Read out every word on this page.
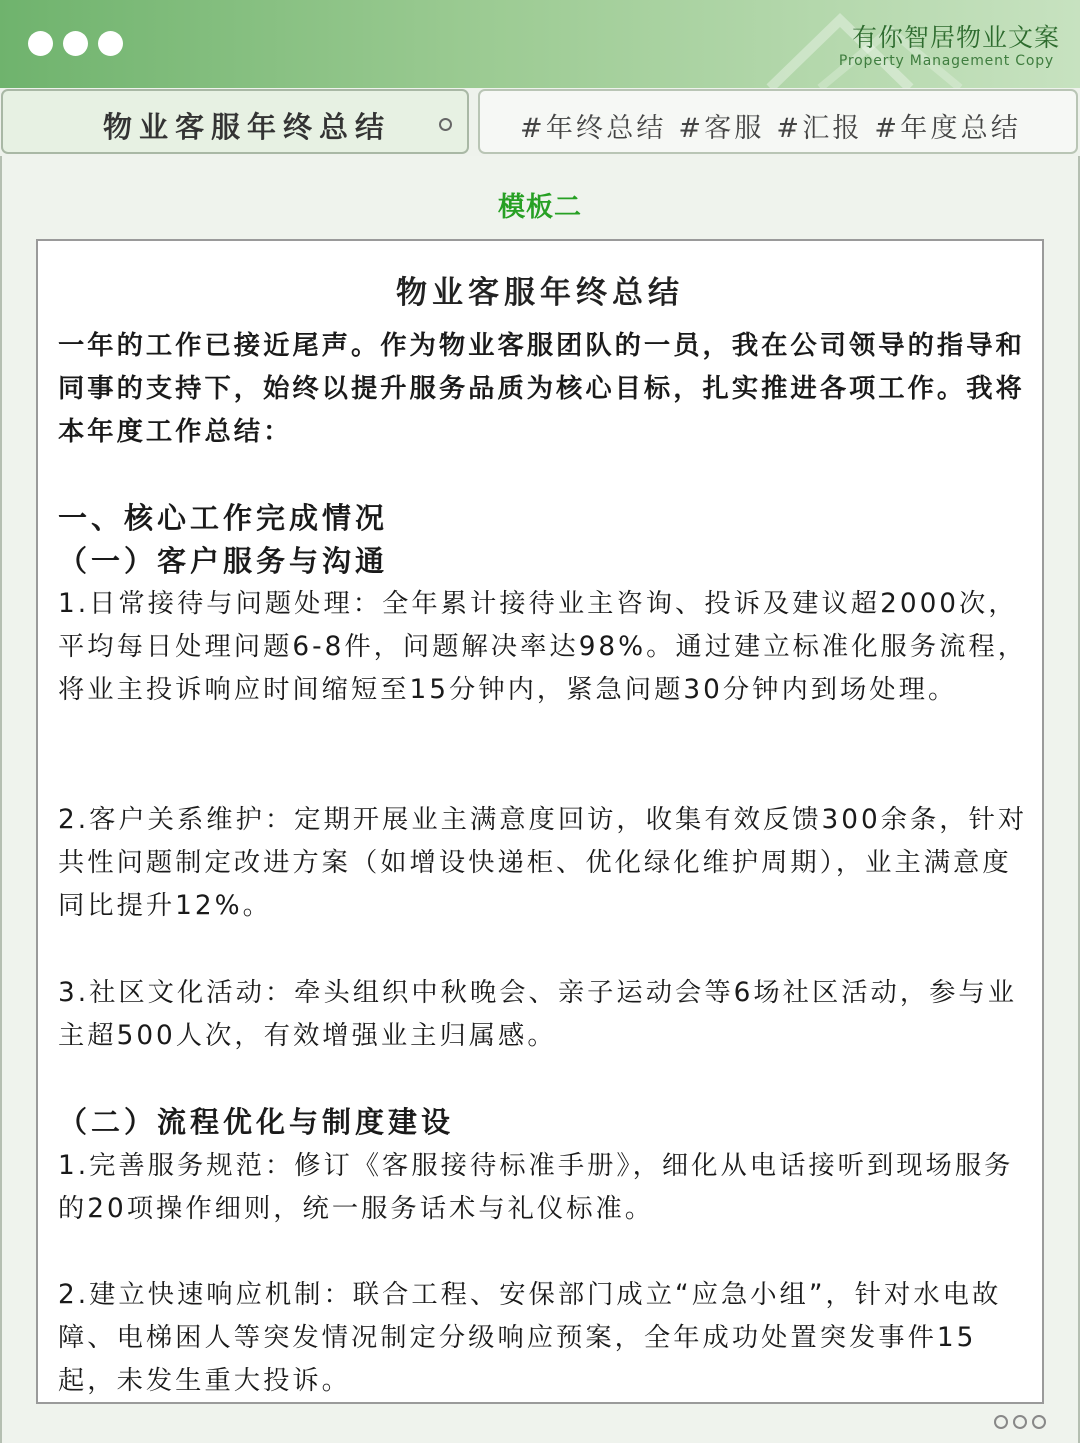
有你智居物业文案
Property Management Copy
物业客服年终总结	#年终总结 #客服 #汇报 #年度总结
模板二
物业客服年终总结

一年的工作已接近尾声。作为物业客服团队的一员，我在公司领导的指导和同事的支持下，始终以提升服务品质为核心目标，扎实推进各项工作。我将本年度工作总结：

一、核心工作完成情况

（一）客户服务与沟通

1.日常接待与问题处理：全年累计接待业主咨询、投诉及建议超2000次，平均每日处理问题6-8件，问题解决率达98%。通过建立标准化服务流程，将业主投诉响应时间缩短至15分钟内，紧急问题30分钟内到场处理。

2.客户关系维护：定期开展业主满意度回访，收集有效反馈300余条，针对共性问题制定改进方案（如增设快递柜、优化绿化维护周期），业主满意度同比提升12%。

3.社区文化活动：牵头组织中秋晚会、亲子运动会等6场社区活动，参与业主超500人次，有效增强业主归属感。

（二）流程优化与制度建设

1.完善服务规范：修订《客服接待标准手册》，细化从电话接听到现场服务的20项操作细则，统一服务话术与礼仪标准。

2.建立快速响应机制：联合工程、安保部门成立“应急小组”，针对水电故障、电梯困人等突发情况制定分级响应预案，全年成功处置突发事件15起，未发生重大投诉。
